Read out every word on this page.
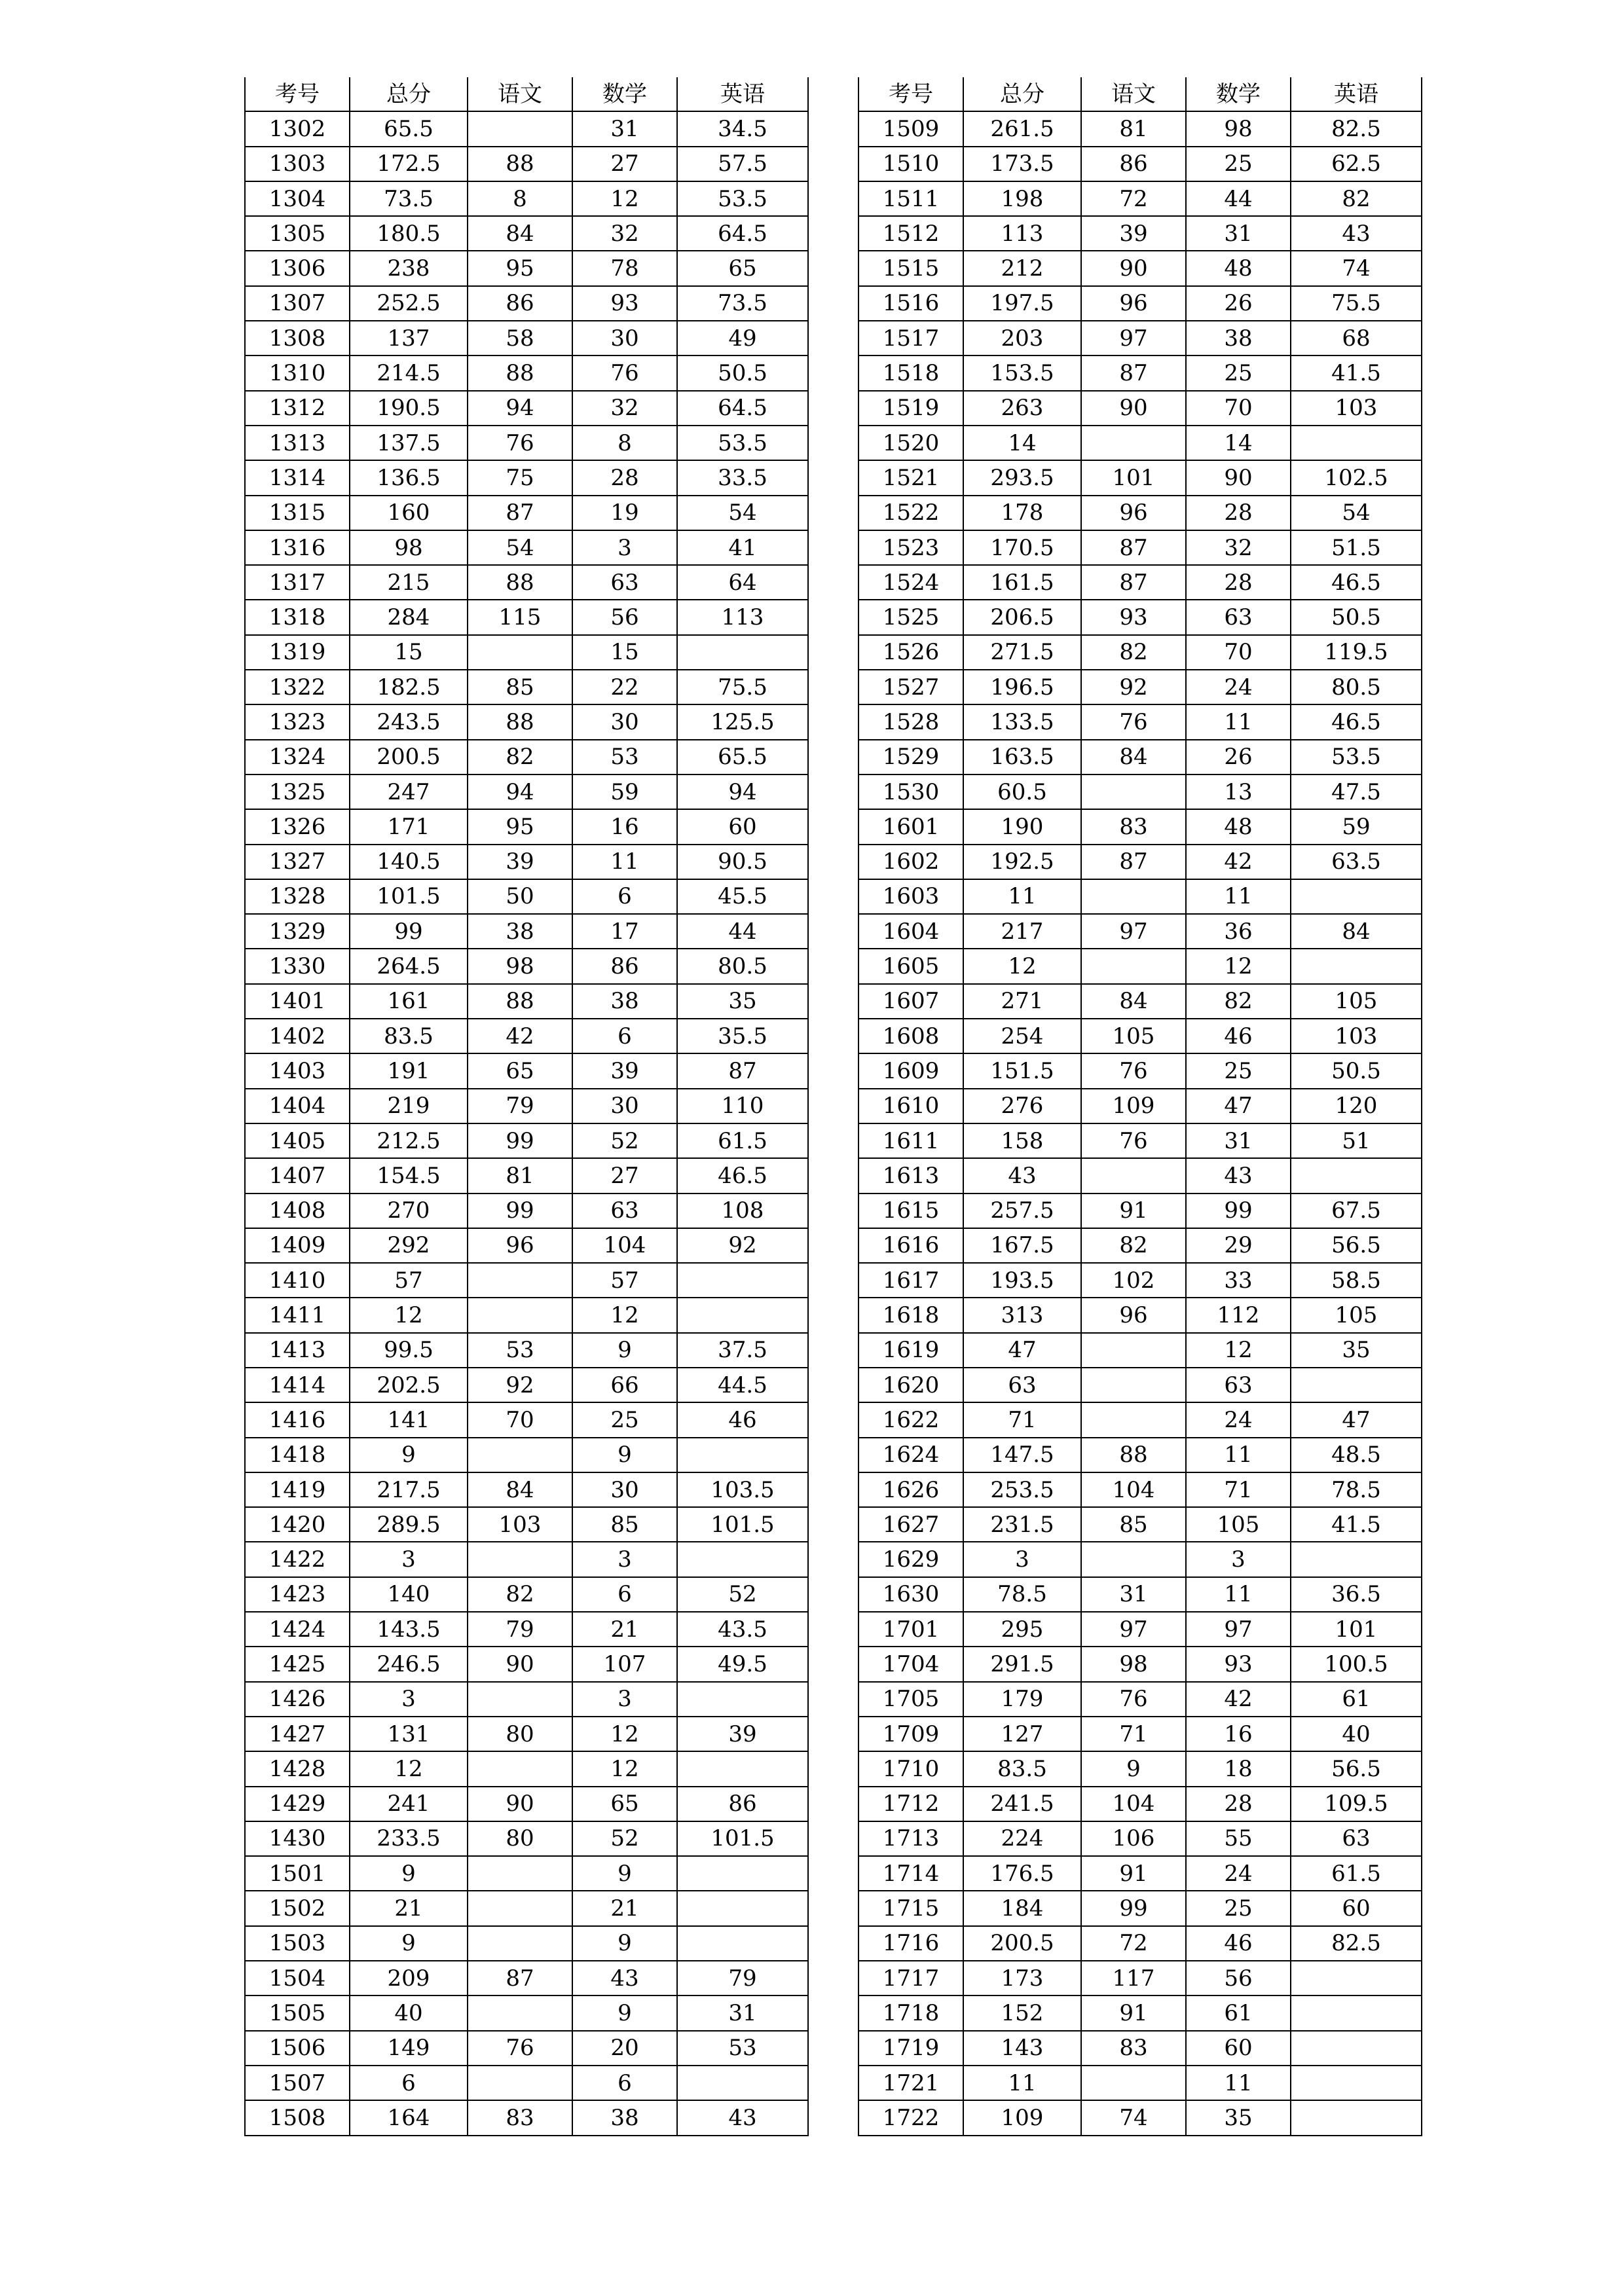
考号	总分	语文	数学	英语
1302	65.5		31	34.5
1303	172.5	88	27	57.5
1304	73.5	8	12	53.5
1305	180.5	84	32	64.5
1306	238	95	78	65
1307	252.5	86	93	73.5
1308	137	58	30	49
1310	214.5	88	76	50.5
1312	190.5	94	32	64.5
1313	137.5	76	8	53.5
1314	136.5	75	28	33.5
1315	160	87	19	54
1316	98	54	3	41
1317	215	88	63	64
1318	284	115	56	113
1319	15		15	
1322	182.5	85	22	75.5
1323	243.5	88	30	125.5
1324	200.5	82	53	65.5
1325	247	94	59	94
1326	171	95	16	60
1327	140.5	39	11	90.5
1328	101.5	50	6	45.5
1329	99	38	17	44
1330	264.5	98	86	80.5
1401	161	88	38	35
1402	83.5	42	6	35.5
1403	191	65	39	87
1404	219	79	30	110
1405	212.5	99	52	61.5
1407	154.5	81	27	46.5
1408	270	99	63	108
1409	292	96	104	92
1410	57		57	
1411	12		12	
1413	99.5	53	9	37.5
1414	202.5	92	66	44.5
1416	141	70	25	46
1418	9		9	
1419	217.5	84	30	103.5
1420	289.5	103	85	101.5
1422	3		3	
1423	140	82	6	52
1424	143.5	79	21	43.5
1425	246.5	90	107	49.5
1426	3		3	
1427	131	80	12	39
1428	12		12	
1429	241	90	65	86
1430	233.5	80	52	101.5
1501	9		9	
1502	21		21	
1503	9		9	
1504	209	87	43	79
1505	40		9	31
1506	149	76	20	53
1507	6		6	
1508	164	83	38	43
考号	总分	语文	数学	英语
1509	261.5	81	98	82.5
1510	173.5	86	25	62.5
1511	198	72	44	82
1512	113	39	31	43
1515	212	90	48	74
1516	197.5	96	26	75.5
1517	203	97	38	68
1518	153.5	87	25	41.5
1519	263	90	70	103
1520	14		14	
1521	293.5	101	90	102.5
1522	178	96	28	54
1523	170.5	87	32	51.5
1524	161.5	87	28	46.5
1525	206.5	93	63	50.5
1526	271.5	82	70	119.5
1527	196.5	92	24	80.5
1528	133.5	76	11	46.5
1529	163.5	84	26	53.5
1530	60.5		13	47.5
1601	190	83	48	59
1602	192.5	87	42	63.5
1603	11		11	
1604	217	97	36	84
1605	12		12	
1607	271	84	82	105
1608	254	105	46	103
1609	151.5	76	25	50.5
1610	276	109	47	120
1611	158	76	31	51
1613	43		43	
1615	257.5	91	99	67.5
1616	167.5	82	29	56.5
1617	193.5	102	33	58.5
1618	313	96	112	105
1619	47		12	35
1620	63		63	
1622	71		24	47
1624	147.5	88	11	48.5
1626	253.5	104	71	78.5
1627	231.5	85	105	41.5
1629	3		3	
1630	78.5	31	11	36.5
1701	295	97	97	101
1704	291.5	98	93	100.5
1705	179	76	42	61
1709	127	71	16	40
1710	83.5	9	18	56.5
1712	241.5	104	28	109.5
1713	224	106	55	63
1714	176.5	91	24	61.5
1715	184	99	25	60
1716	200.5	72	46	82.5
1717	173	117	56	
1718	152	91	61	
1719	143	83	60	
1721	11		11	
1722	109	74	35	
